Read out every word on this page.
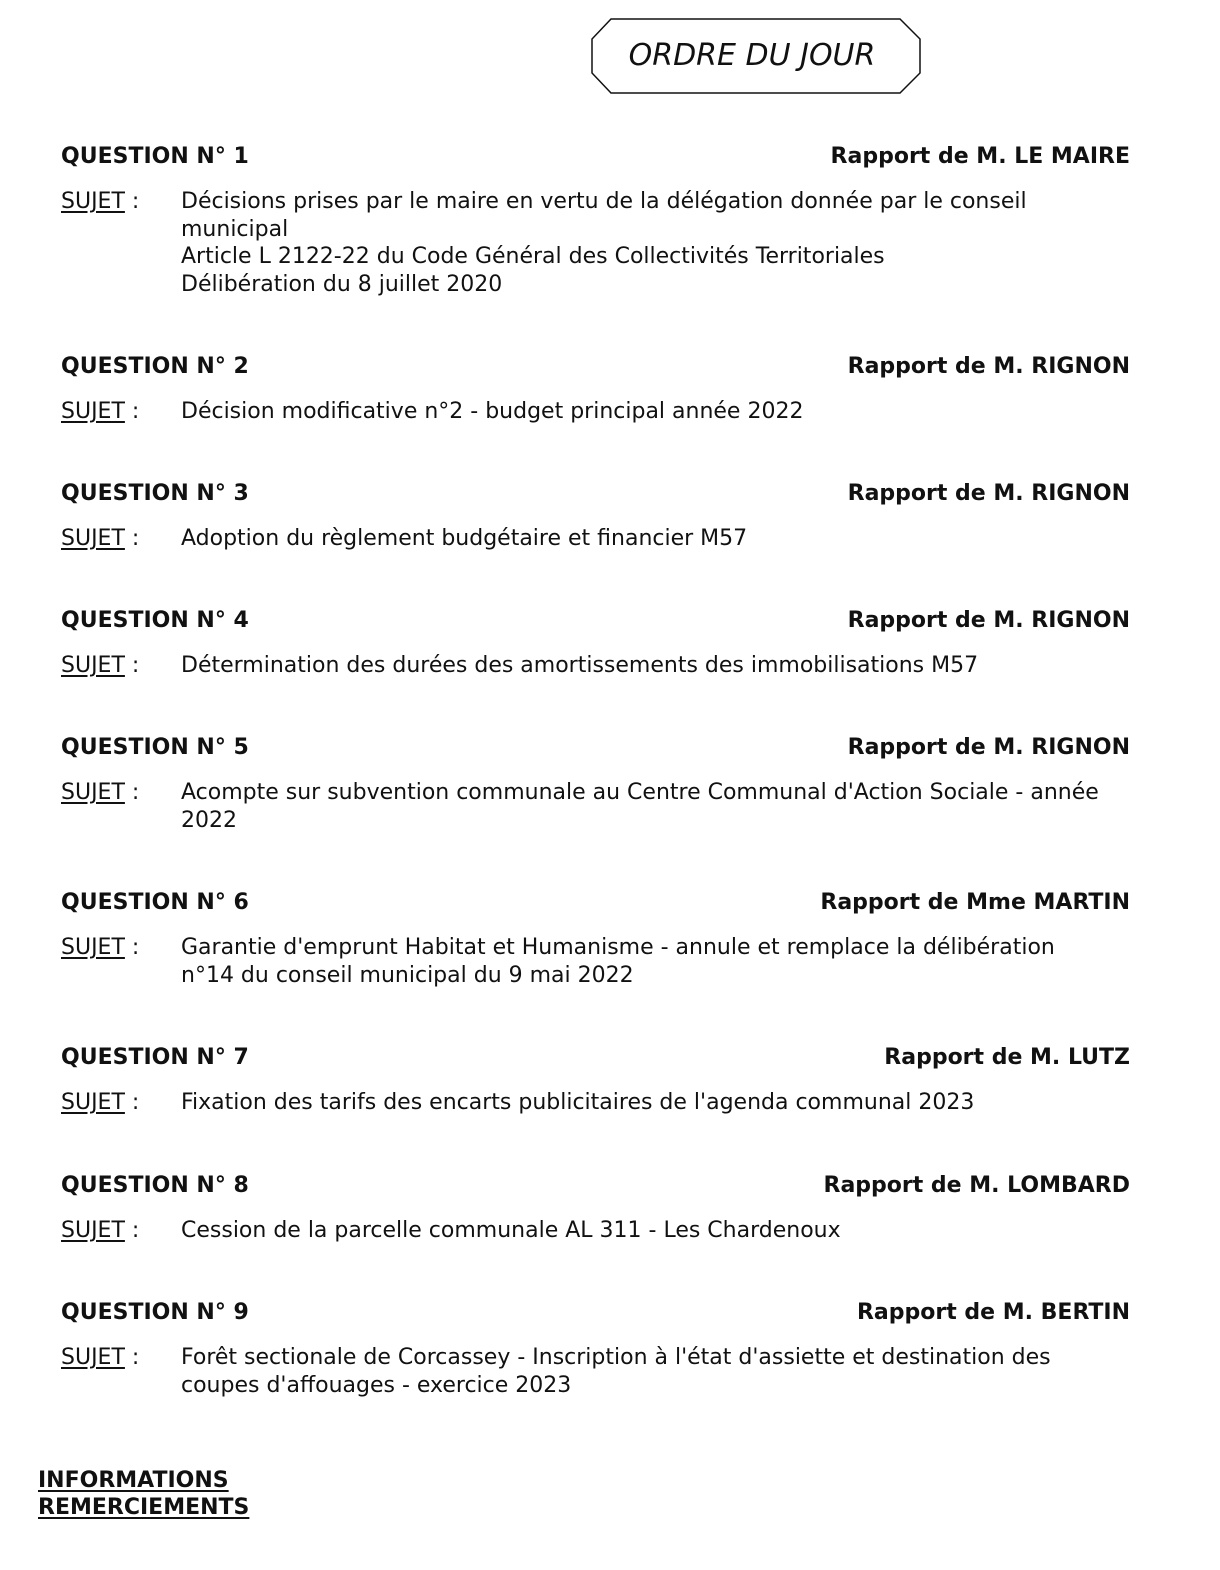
ORDRE DU JOUR
QUESTION N° 1	Rapport de M. LE MAIRE
SUJET :	Décisions prises par le maire en vertu de la délégation donnée par le conseil
municipal
Article L 2122-22 du Code Général des Collectivités Territoriales
Délibération du 8 juillet 2020
QUESTION N° 2	Rapport de M. RIGNON
SUJET :	Décision modificative n°2 - budget principal année 2022
QUESTION N° 3	Rapport de M. RIGNON
SUJET :	Adoption du règlement budgétaire et financier M57
QUESTION N° 4	Rapport de M. RIGNON
SUJET :	Détermination des durées des amortissements des immobilisations M57
QUESTION N° 5	Rapport de M. RIGNON
SUJET :	Acompte sur subvention communale au Centre Communal d'Action Sociale - année
2022
QUESTION N° 6	Rapport de Mme MARTIN
SUJET :	Garantie d'emprunt Habitat et Humanisme - annule et remplace la délibération
n°14 du conseil municipal du 9 mai 2022
QUESTION N° 7	Rapport de M. LUTZ
SUJET :	Fixation des tarifs des encarts publicitaires de l'agenda communal 2023
QUESTION N° 8	Rapport de M. LOMBARD
SUJET :	Cession de la parcelle communale AL 311 - Les Chardenoux
QUESTION N° 9	Rapport de M. BERTIN
SUJET :	Forêt sectionale de Corcassey - Inscription à l'état d'assiette et destination des
coupes d'affouages - exercice 2023
INFORMATIONS
REMERCIEMENTS
